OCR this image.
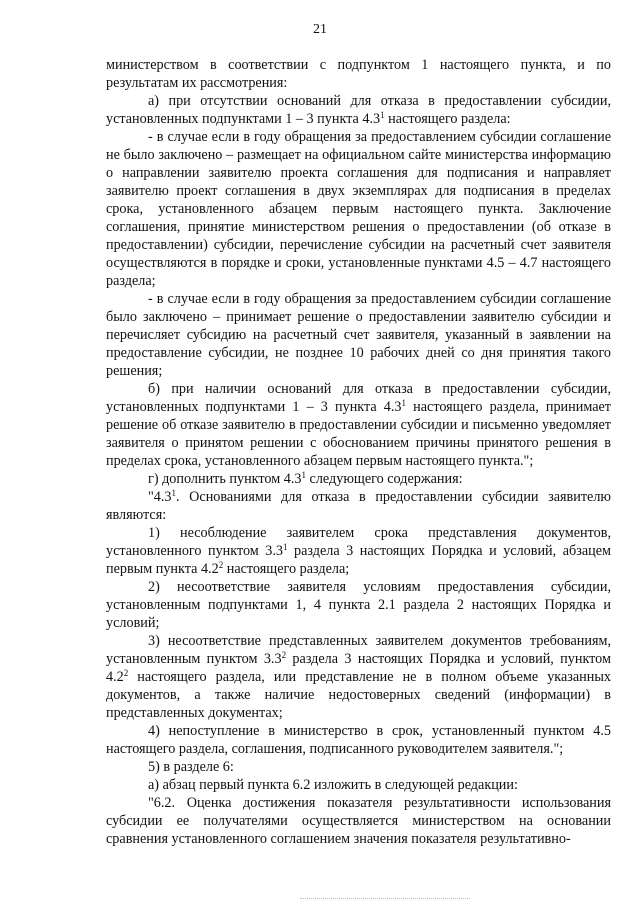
21

министерством в соответствии с подпунктом 1 настоящего пункта, и по результатам их рассмотрения:

а) при отсутствии оснований для отказа в предоставлении субсидии, установленных подпунктами 1 – 3 пункта $4.3^1$ настоящего раздела:

- в случае если в году обращения за предоставлением субсидии соглашение не было заключено – размещает на официальном сайте министерства информацию о направлении заявителю проекта соглашения для подписания и направляет заявителю проект соглашения в двух экземплярах для подписания в пределах срока, установленного абзацем первым настоящего пункта. Заключение соглашения, принятие министерством решения о предоставлении (об отказе в предоставлении) субсидии, перечисление субсидии на расчетный счет заявителя осуществляются в порядке и сроки, установленные пунктами 4.5 – 4.7 настоящего раздела;

- в случае если в году обращения за предоставлением субсидии соглашение было заключено – принимает решение о предоставлении заявителю субсидии и перечисляет субсидию на расчетный счет заявителя, указанный в заявлении на предоставление субсидии, не позднее 10 рабочих дней со дня принятия такого решения;

б) при наличии оснований для отказа в предоставлении субсидии, установленных подпунктами 1 – 3 пункта $4.3^1$ настоящего раздела, принимает решение об отказе заявителю в предоставлении субсидии и письменно уведомляет заявителя о принятом решении с обоснованием причины принятого решения в пределах срока, установленного абзацем первым настоящего пункта.";

г) дополнить пунктом $4.3^1$ следующего содержания:

"$4.3^1$. Основаниями для отказа в предоставлении субсидии заявителю являются:

1) несоблюдение заявителем срока представления документов, установленного пунктом $3.3^1$ раздела 3 настоящих Порядка и условий, абзацем первым пункта $4.2^2$ настоящего раздела;

2) несоответствие заявителя условиям предоставления субсидии, установленным подпунктами 1, 4 пункта 2.1 раздела 2 настоящих Порядка и условий;

3) несоответствие представленных заявителем документов требованиям, установленным пунктом $3.3^2$ раздела 3 настоящих Порядка и условий, пунктом $4.2^2$ настоящего раздела, или представление не в полном объеме указанных документов, а также наличие недостоверных сведений (информации) в представленных документах;

4) непоступление в министерство в срок, установленный пунктом 4.5 настоящего раздела, соглашения, подписанного руководителем заявителя.";

5) в разделе 6:

а) абзац первый пункта 6.2 изложить в следующей редакции:

"6.2. Оценка достижения показателя результативности использования субсидии ее получателями осуществляется министерством на основании сравнения установленного соглашением значения показателя результативно-
